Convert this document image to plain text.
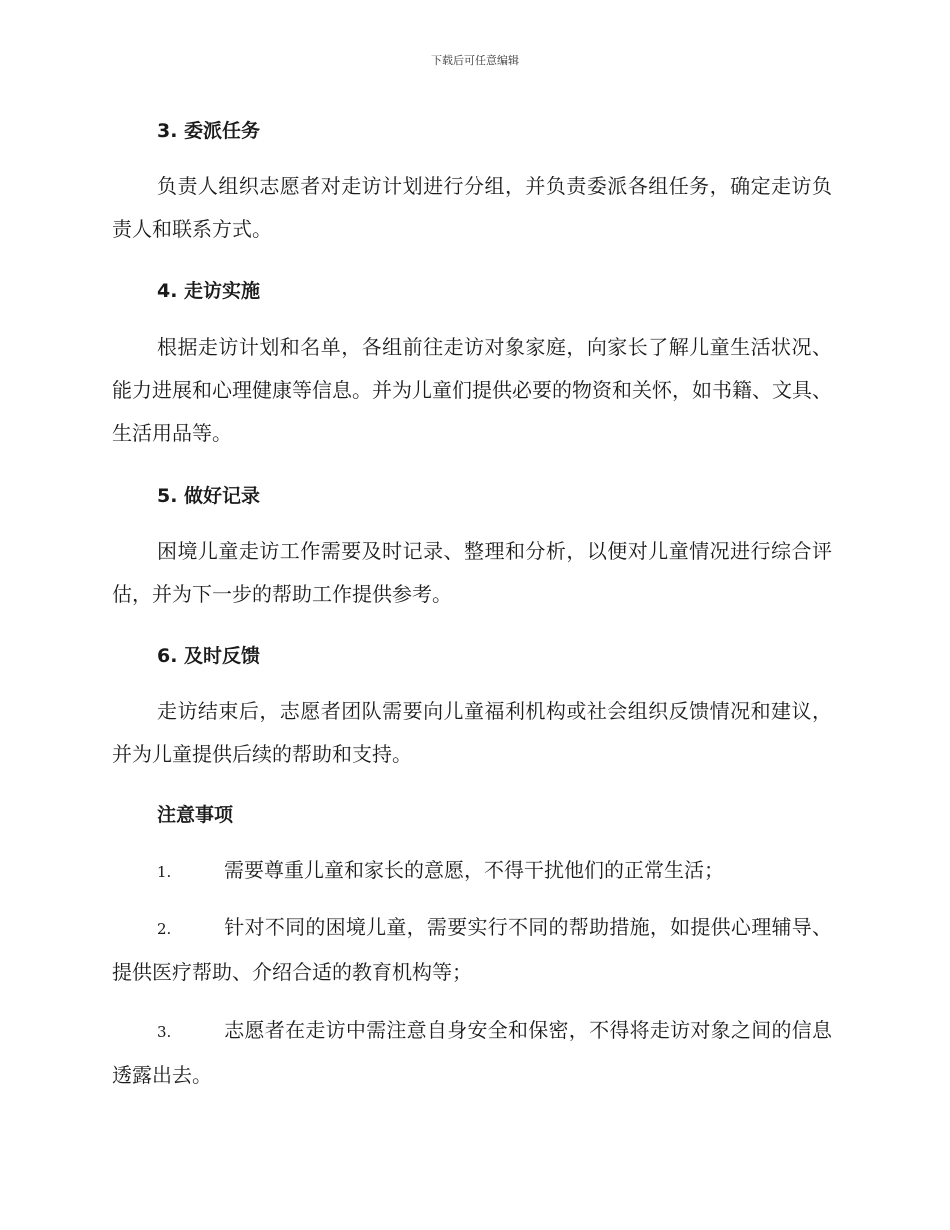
下载后可任意编辑
3. 委派任务

负责人组织志愿者对走访计划进行分组，并负责委派各组任务，确定走访负责人和联系方式。

4. 走访实施

根据走访计划和名单，各组前往走访对象家庭，向家长了解儿童生活状况、能力进展和心理健康等信息。并为儿童们提供必要的物资和关怀，如书籍、文具、生活用品等。

5. 做好记录

困境儿童走访工作需要及时记录、整理和分析，以便对儿童情况进行综合评估，并为下一步的帮助工作提供参考。

6. 及时反馈

走访结束后，志愿者团队需要向儿童福利机构或社会组织反馈情况和建议，并为儿童提供后续的帮助和支持。

注意事项
1.	需要尊重儿童和家长的意愿，不得干扰他们的正常生活；
2.	针对不同的困境儿童，需要实行不同的帮助措施，如提供心理辅导、提供医疗帮助、介绍合适的教育机构等；
3.	志愿者在走访中需注意自身安全和保密，不得将走访对象之间的信息透露出去。
